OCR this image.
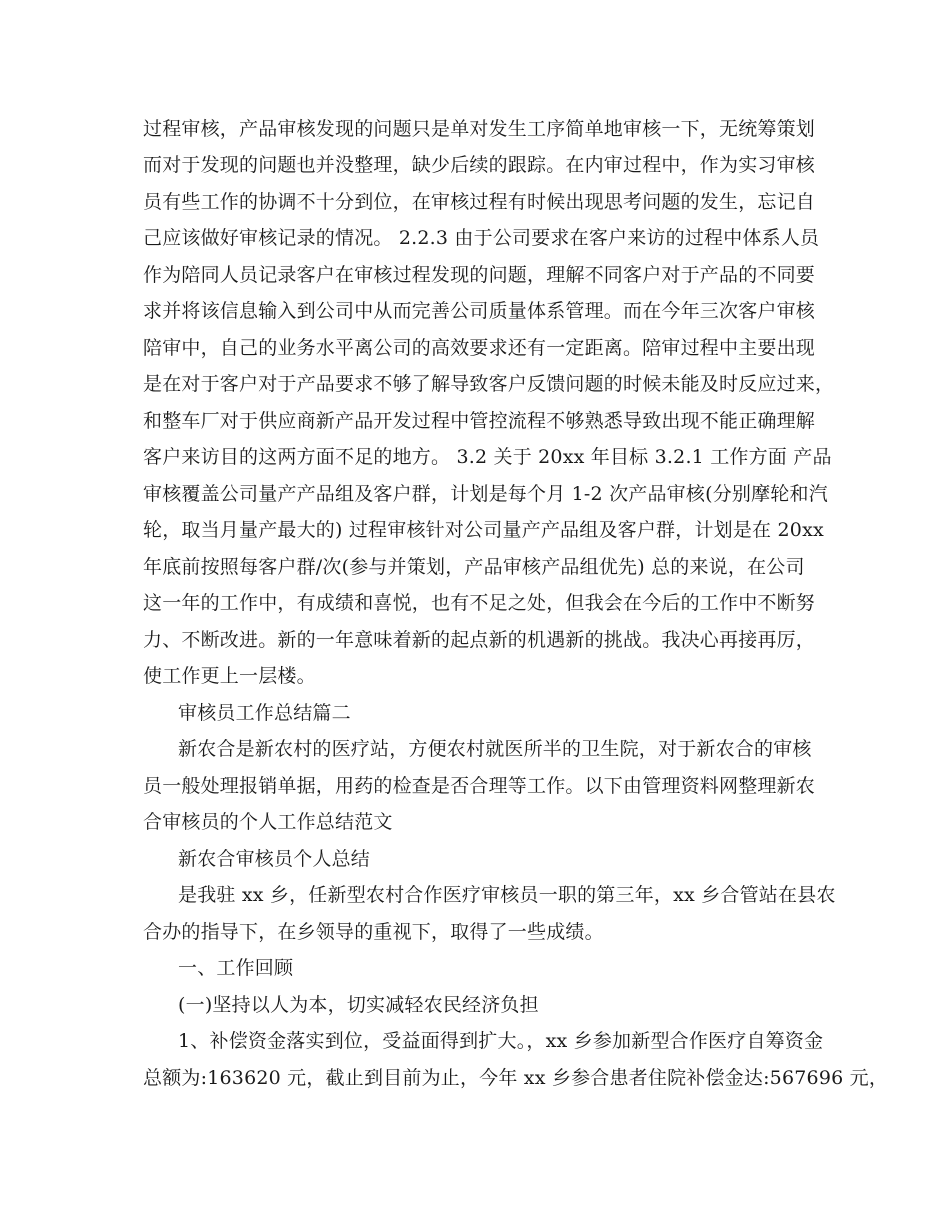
过程审核，产品审核发现的问题只是单对发生工序简单地审核一下，无统筹策划
而对于发现的问题也并没整理，缺少后续的跟踪。在内审过程中，作为实习审核
员有些工作的协调不十分到位，在审核过程有时候出现思考问题的发生，忘记自
己应该做好审核记录的情况。 2.2.3 由于公司要求在客户来访的过程中体系人员
作为陪同人员记录客户在审核过程发现的问题，理解不同客户对于产品的不同要
求并将该信息输入到公司中从而完善公司质量体系管理。而在今年三次客户审核
陪审中，自己的业务水平离公司的高效要求还有一定距离。陪审过程中主要出现
是在对于客户对于产品要求不够了解导致客户反馈问题的时候未能及时反应过来，
和整车厂对于供应商新产品开发过程中管控流程不够熟悉导致出现不能正确理解
客户来访目的这两方面不足的地方。 3.2 关于 20xx 年目标 3.2.1 工作方面 产品
审核覆盖公司量产产品组及客户群，计划是每个月 1-2 次产品审核(分别摩轮和汽
轮，取当月量产最大的) 过程审核针对公司量产产品组及客户群，计划是在 20xx
年底前按照每客户群/次(参与并策划，产品审核产品组优先) 总的来说，在公司
这一年的工作中，有成绩和喜悦，也有不足之处，但我会在今后的工作中不断努
力、不断改进。新的一年意味着新的起点新的机遇新的挑战。我决心再接再厉，
使工作更上一层楼。
审核员工作总结篇二
新农合是新农村的医疗站，方便农村就医所半的卫生院，对于新农合的审核
员一般处理报销单据，用药的检查是否合理等工作。以下由管理资料网整理新农
合审核员的个人工作总结范文
新农合审核员个人总结
是我驻 xx 乡，任新型农村合作医疗审核员一职的第三年，xx 乡合管站在县农
合办的指导下，在乡领导的重视下，取得了一些成绩。
一、工作回顾
(一)坚持以人为本，切实减轻农民经济负担
1、补偿资金落实到位，受益面得到扩大。，xx 乡参加新型合作医疗自筹资金
总额为:163620 元，截止到目前为止，今年 xx 乡参合患者住院补偿金达:567696 元，
